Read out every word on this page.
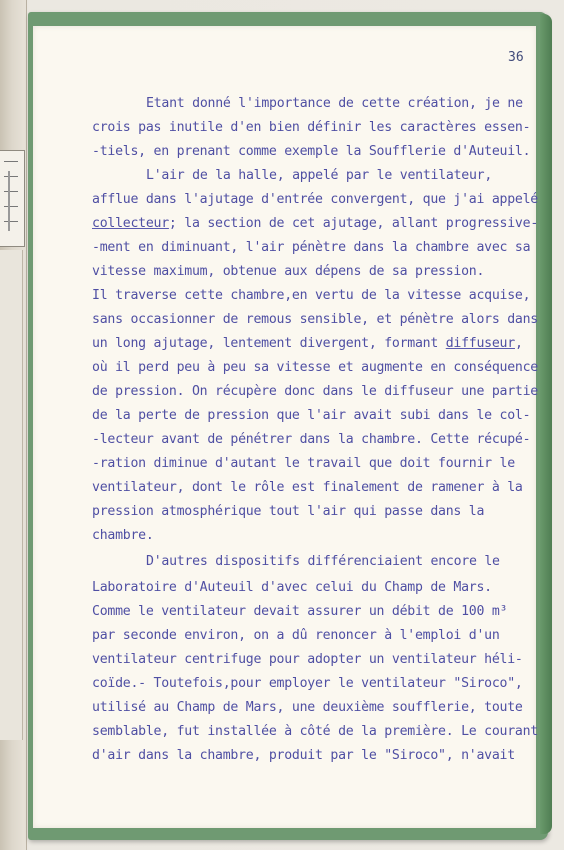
36

Etant donné l'importance de cette création, je ne

crois pas inutile d'en bien définir les caractères essen-

-tiels, en prenant comme exemple la Soufflerie d'Auteuil.

L'air de la halle, appelé par le ventilateur,

afflue dans l'ajutage d'entrée convergent, que j'ai appelé

collecteur; la section de cet ajutage, allant progressive-

-ment en diminuant, l'air pénètre dans la chambre avec sa

vitesse maximum, obtenue aux dépens de sa pression.

Il traverse cette chambre,en vertu de la vitesse acquise,

sans occasionner de remous sensible, et pénètre alors dans

un long ajutage, lentement divergent, formant diffuseur,

où il perd peu à peu sa vitesse et augmente en conséquence

de pression. On récupère donc dans le diffuseur une partie

de la perte de pression que l'air avait subi dans le col-

-lecteur avant de pénétrer dans la chambre. Cette récupé-

-ration diminue d'autant le travail que doit fournir le

ventilateur, dont le rôle est finalement de ramener à la

pression atmosphérique tout l'air qui passe dans la

chambre.

D'autres dispositifs différenciaient encore le

Laboratoire d'Auteuil d'avec celui du Champ de Mars.

Comme le ventilateur devait assurer un débit de 100 m³

par seconde environ, on a dû renoncer à l'emploi d'un

ventilateur centrifuge pour adopter un ventilateur héli-

coïde.- Toutefois,pour employer le ventilateur "Siroco",

utilisé au Champ de Mars, une deuxième soufflerie, toute

semblable, fut installée à côté de la première. Le courant

d'air dans la chambre, produit par le "Siroco", n'avait
